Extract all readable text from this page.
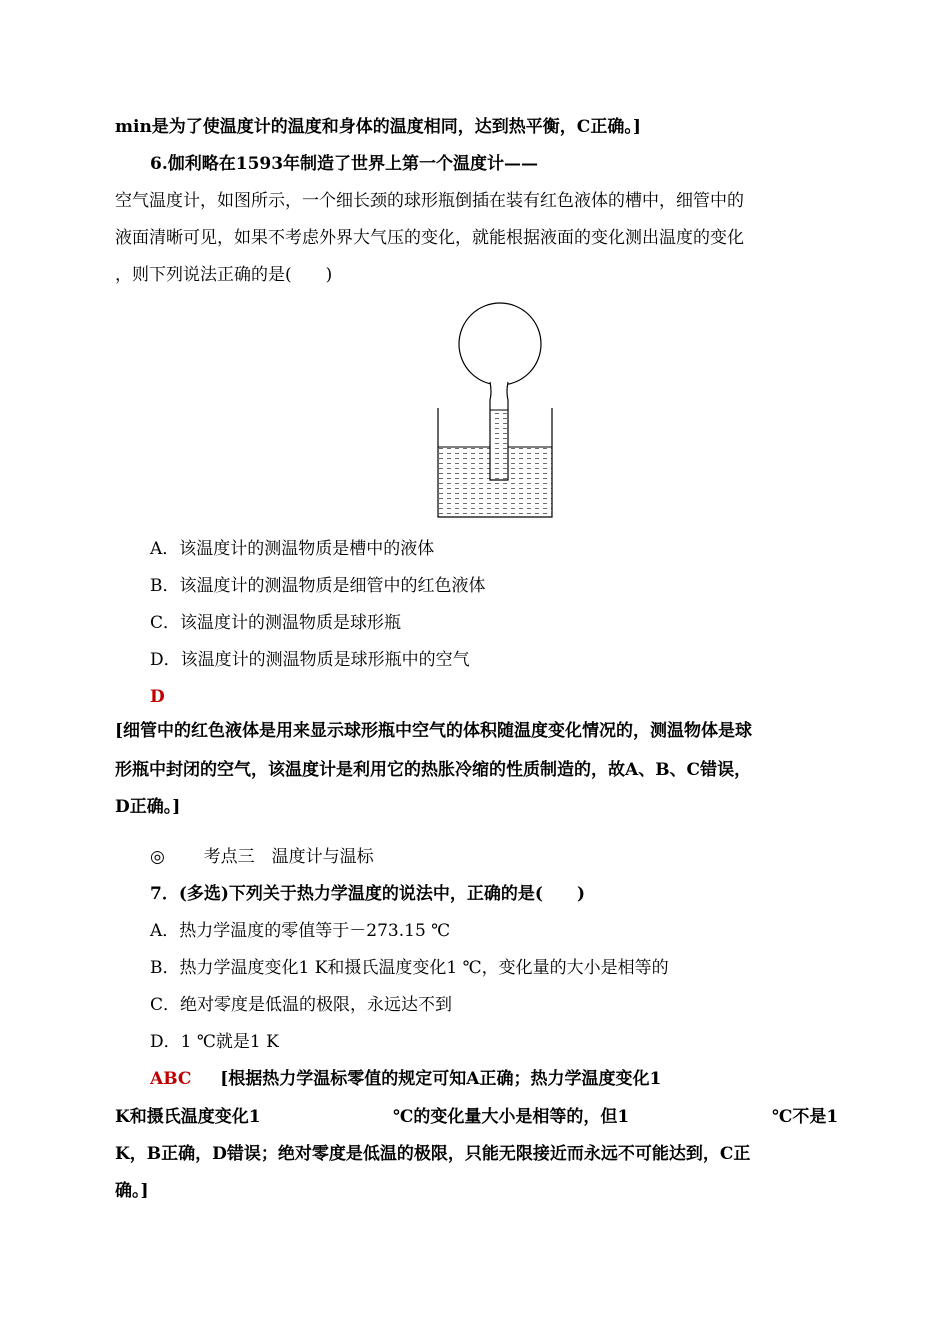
min是为了使温度计的温度和身体的温度相同，达到热平衡，C正确。]
6.伽利略在1593年制造了世界上第一个温度计——
空气温度计，如图所示，一个细长颈的球形瓶倒插在装有红色液体的槽中，细管中的
液面清晰可见，如果不考虑外界大气压的变化，就能根据液面的变化测出温度的变化
，则下列说法正确的是(　　)
A．该温度计的测温物质是槽中的液体
B．该温度计的测温物质是细管中的红色液体
C．该温度计的测温物质是球形瓶
D．该温度计的测温物质是球形瓶中的空气
D
[细管中的红色液体是用来显示球形瓶中空气的体积随温度变化情况的，测温物体是球
形瓶中封闭的空气，该温度计是利用它的热胀冷缩的性质制造的，故A、B、C错误，
D正确。]
◎ 考点三　温度计与温标
7．(多选)下列关于热力学温度的说法中，正确的是(　　)
A．热力学温度的零值等于－273.15 ℃
B．热力学温度变化1 K和摄氏温度变化1 ℃，变化量的大小是相等的
C．绝对零度是低温的极限，永远达不到
D．1 ℃就是1 K
ABC [根据热力学温标零值的规定可知A正确；热力学温度变化1
K和摄氏温度变化1	℃的变化量大小是相等的，但1	℃不是1
K，B正确，D错误；绝对零度是低温的极限，只能无限接近而永远不可能达到，C正
确。]
